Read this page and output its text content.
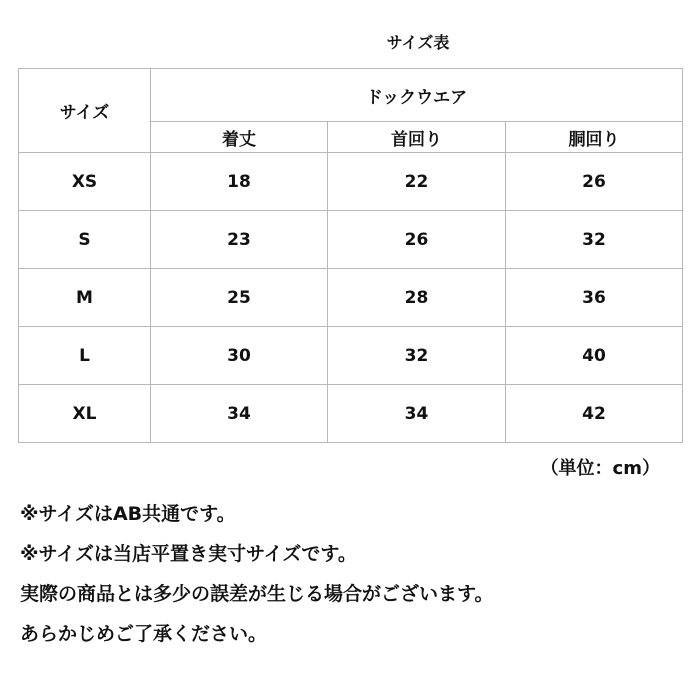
サイズ表
サイズ	ドックウエア		
	着丈	首回り	胴回り
XS	18	22	26
S	23	26	32
M	25	28	36
L	30	32	40
XL	34	34	42
（単位：cm）

※サイズはAB共通です。

※サイズは当店平置き実寸サイズです。

実際の商品とは多少の誤差が生じる場合がございます。

あらかじめご了承ください。
